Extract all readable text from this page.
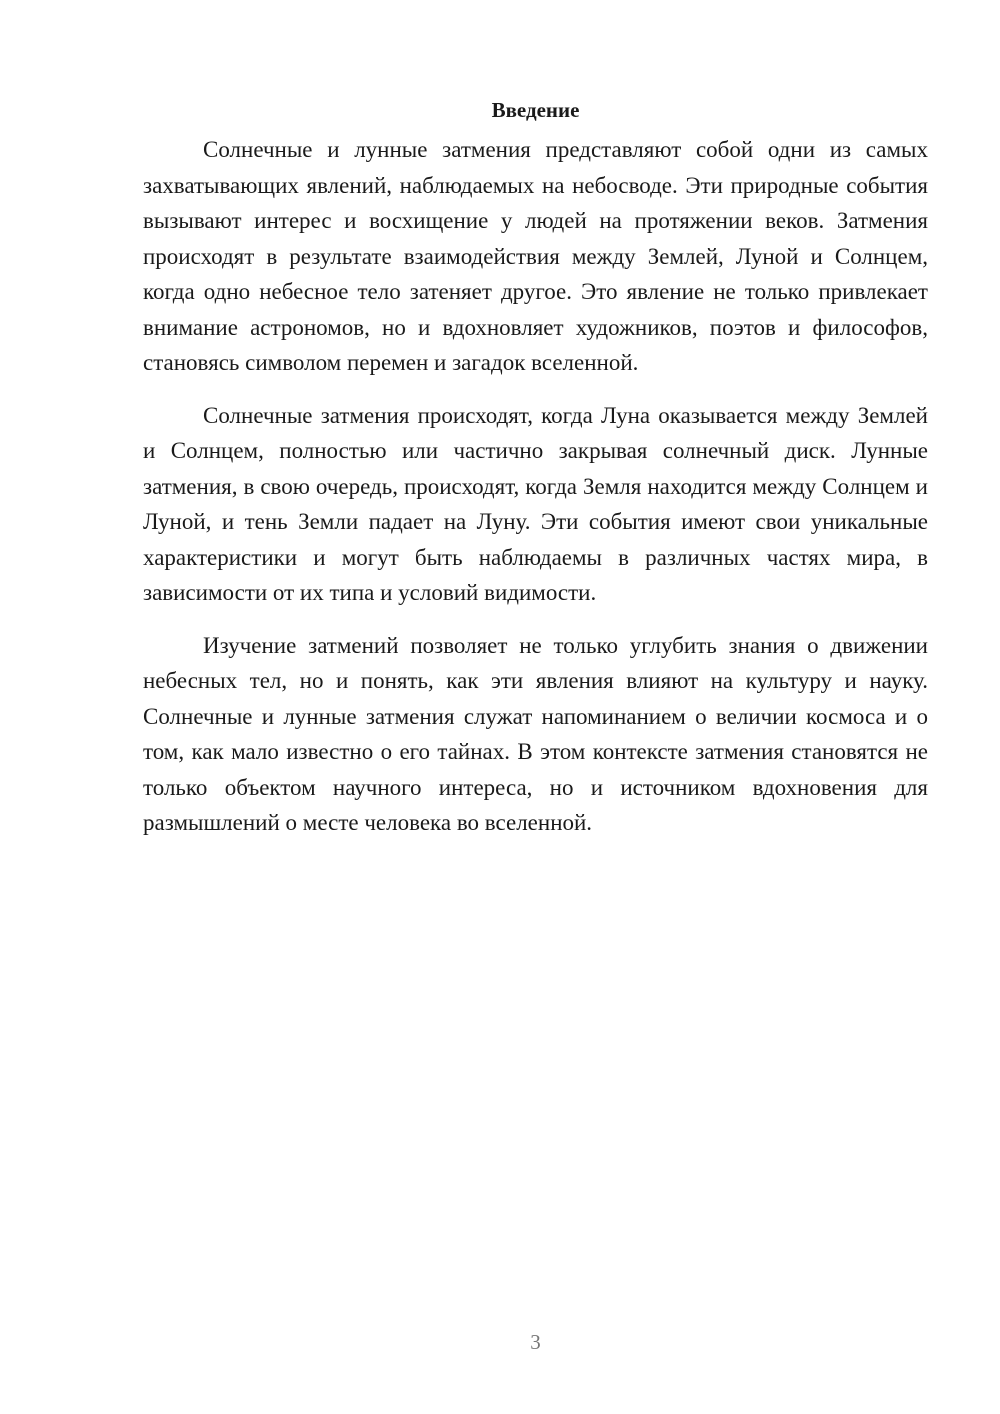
Введение

Солнечные и лунные затмения представляют собой одни из самых захватывающих явлений, наблюдаемых на небосводе. Эти природные события вызывают интерес и восхищение у людей на протяжении веков. Затмения происходят в результате взаимодействия между Землей, Луной и Солнцем, когда одно небесное тело затеняет другое. Это явление не только привлекает внимание астрономов, но и вдохновляет художников, поэтов и философов, становясь символом перемен и загадок вселенной.

Солнечные затмения происходят, когда Луна оказывается между Землей и Солнцем, полностью или частично закрывая солнечный диск. Лунные затмения, в свою очередь, происходят, когда Земля находится между Солнцем и Луной, и тень Земли падает на Луну. Эти события имеют свои уникальные характеристики и могут быть наблюдаемы в различных частях мира, в зависимости от их типа и условий видимости.

Изучение затмений позволяет не только углубить знания о движении небесных тел, но и понять, как эти явления влияют на культуру и науку. Солнечные и лунные затмения служат напоминанием о величии космоса и о том, как мало известно о его тайнах. В этом контексте затмения становятся не только объектом научного интереса, но и источником вдохновения для размышлений о месте человека во вселенной.

3
